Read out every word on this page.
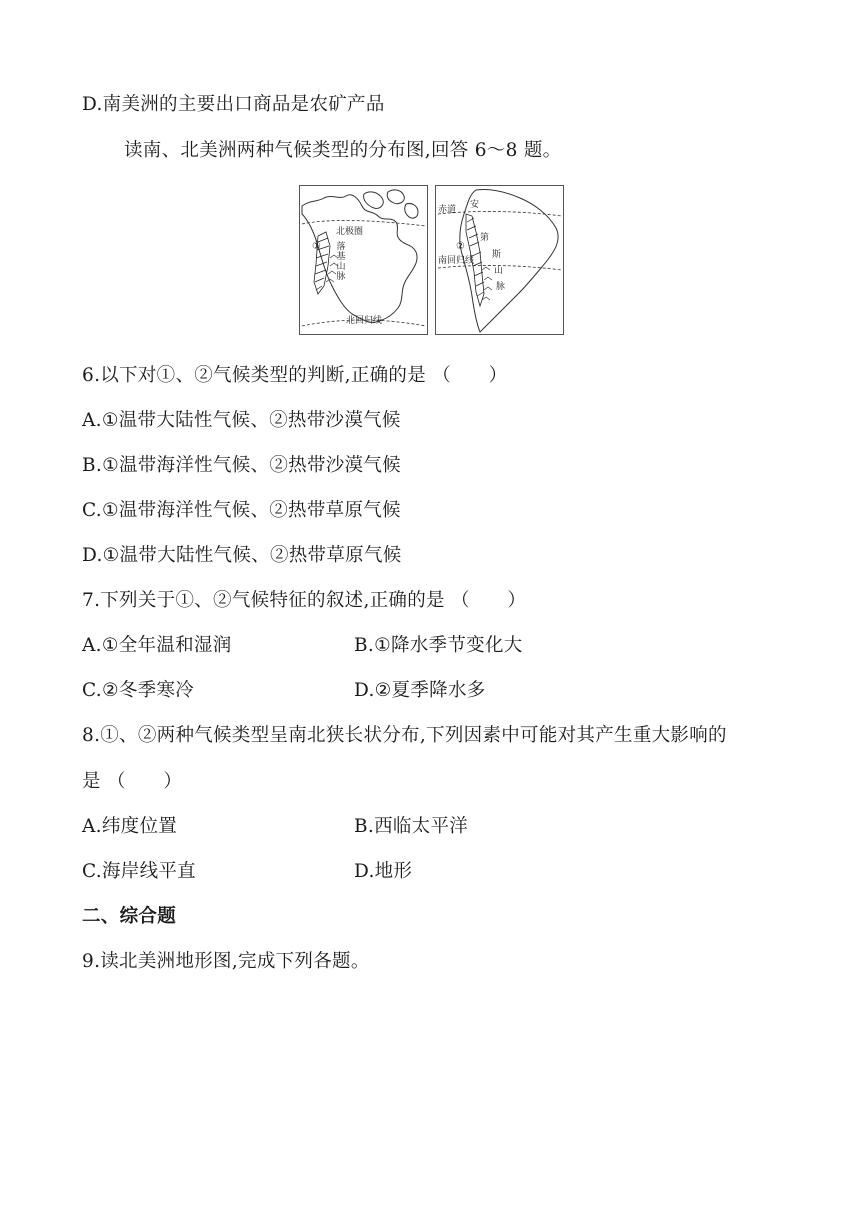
D.南美洲的主要出口商品是农矿产品
读南、北美洲两种气候类型的分布图,回答 6～8 题。
北极圈
① 落
基
山
脉
北回归线
赤道 安
第
斯
山
脉
②
南回归线
6.以下对①、②气候类型的判断,正确的是 （　　）
A.①温带大陆性气候、②热带沙漠气候
B.①温带海洋性气候、②热带沙漠气候
C.①温带海洋性气候、②热带草原气候
D.①温带大陆性气候、②热带草原气候
7.下列关于①、②气候特征的叙述,正确的是 （　　）
A.①全年温和湿润	B.①降水季节变化大
C.②冬季寒冷	D.②夏季降水多
8.①、②两种气候类型呈南北狭长状分布,下列因素中可能对其产生重大影响的
是 （　　）
A.纬度位置	B.西临太平洋
C.海岸线平直	D.地形
二、综合题
9.读北美洲地形图,完成下列各题。
